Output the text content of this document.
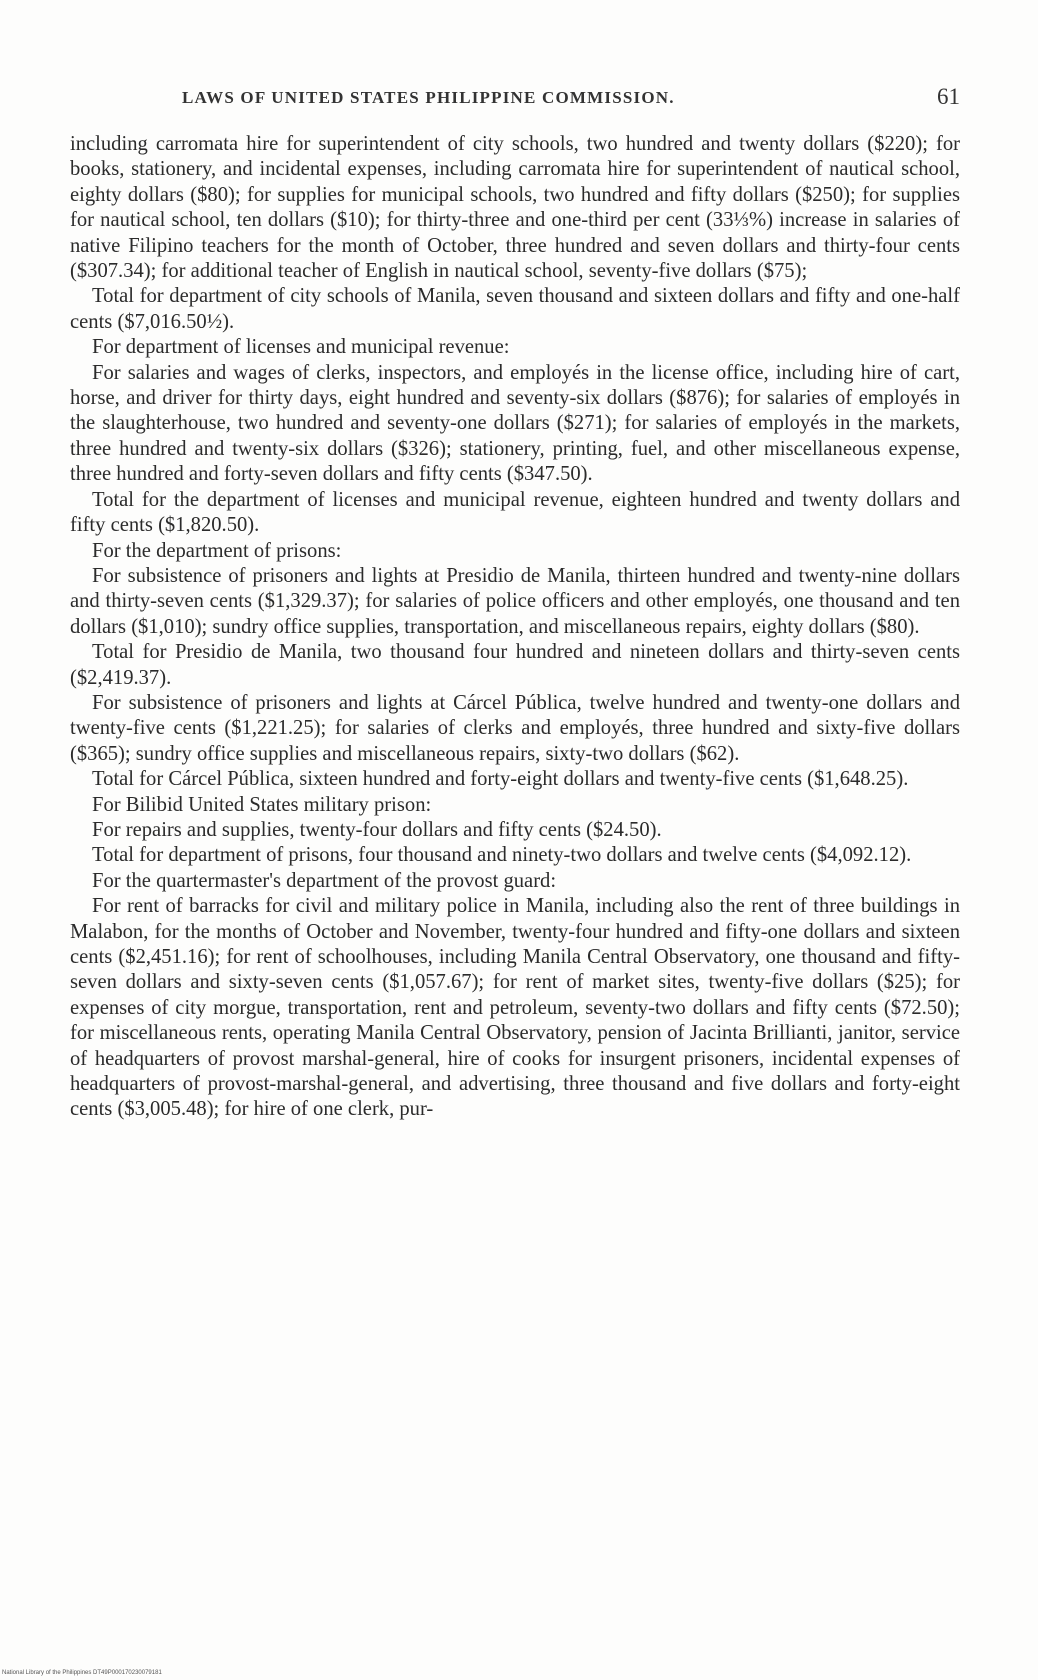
LAWS OF UNITED STATES PHILIPPINE COMMISSION.	61

including carromata hire for superintendent of city schools, two hundred and twenty dollars ($220); for books, stationery, and incidental expenses, including carromata hire for superintendent of nautical school, eighty dollars ($80); for supplies for municipal schools, two hundred and fifty dollars ($250); for supplies for nautical school, ten dollars ($10); for thirty-three and one-third per cent (33⅓%) increase in salaries of native Filipino teachers for the month of October, three hundred and seven dollars and thirty-four cents ($307.34); for additional teacher of English in nautical school, seventy-five dollars ($75);

Total for department of city schools of Manila, seven thousand and sixteen dollars and fifty and one-half cents ($7,016.50½).

For department of licenses and municipal revenue:

For salaries and wages of clerks, inspectors, and employés in the license office, including hire of cart, horse, and driver for thirty days, eight hundred and seventy-six dollars ($876); for salaries of employés in the slaughterhouse, two hundred and seventy-one dollars ($271); for salaries of employés in the markets, three hundred and twenty-six dollars ($326); stationery, printing, fuel, and other miscellaneous expense, three hundred and forty-seven dollars and fifty cents ($347.50).

Total for the department of licenses and municipal revenue, eighteen hundred and twenty dollars and fifty cents ($1,820.50).

For the department of prisons:

For subsistence of prisoners and lights at Presidio de Manila, thirteen hundred and twenty-nine dollars and thirty-seven cents ($1,329.37); for salaries of police officers and other employés, one thousand and ten dollars ($1,010); sundry office supplies, transportation, and miscellaneous repairs, eighty dollars ($80).

Total for Presidio de Manila, two thousand four hundred and nineteen dollars and thirty-seven cents ($2,419.37).

For subsistence of prisoners and lights at Cárcel Pública, twelve hundred and twenty-one dollars and twenty-five cents ($1,221.25); for salaries of clerks and employés, three hundred and sixty-five dollars ($365); sundry office supplies and miscellaneous repairs, sixty-two dollars ($62).

Total for Cárcel Pública, sixteen hundred and forty-eight dollars and twenty-five cents ($1,648.25).

For Bilibid United States military prison:

For repairs and supplies, twenty-four dollars and fifty cents ($24.50).

Total for department of prisons, four thousand and ninety-two dollars and twelve cents ($4,092.12).

For the quartermaster's department of the provost guard:

For rent of barracks for civil and military police in Manila, including also the rent of three buildings in Malabon, for the months of October and November, twenty-four hundred and fifty-one dollars and sixteen cents ($2,451.16); for rent of schoolhouses, including Manila Central Observatory, one thousand and fifty-seven dollars and sixty-seven cents ($1,057.67); for rent of market sites, twenty-five dollars ($25); for expenses of city morgue, transportation, rent and petroleum, seventy-two dollars and fifty cents ($72.50); for miscellaneous rents, operating Manila Central Observatory, pension of Jacinta Brillianti, janitor, service of headquarters of provost marshal-general, hire of cooks for insurgent prisoners, incidental expenses of headquarters of provost-marshal-general, and advertising, three thousand and five dollars and forty-eight cents ($3,005.48); for hire of one clerk, pur-

National Library of the Philippines DT49P000170230079181
